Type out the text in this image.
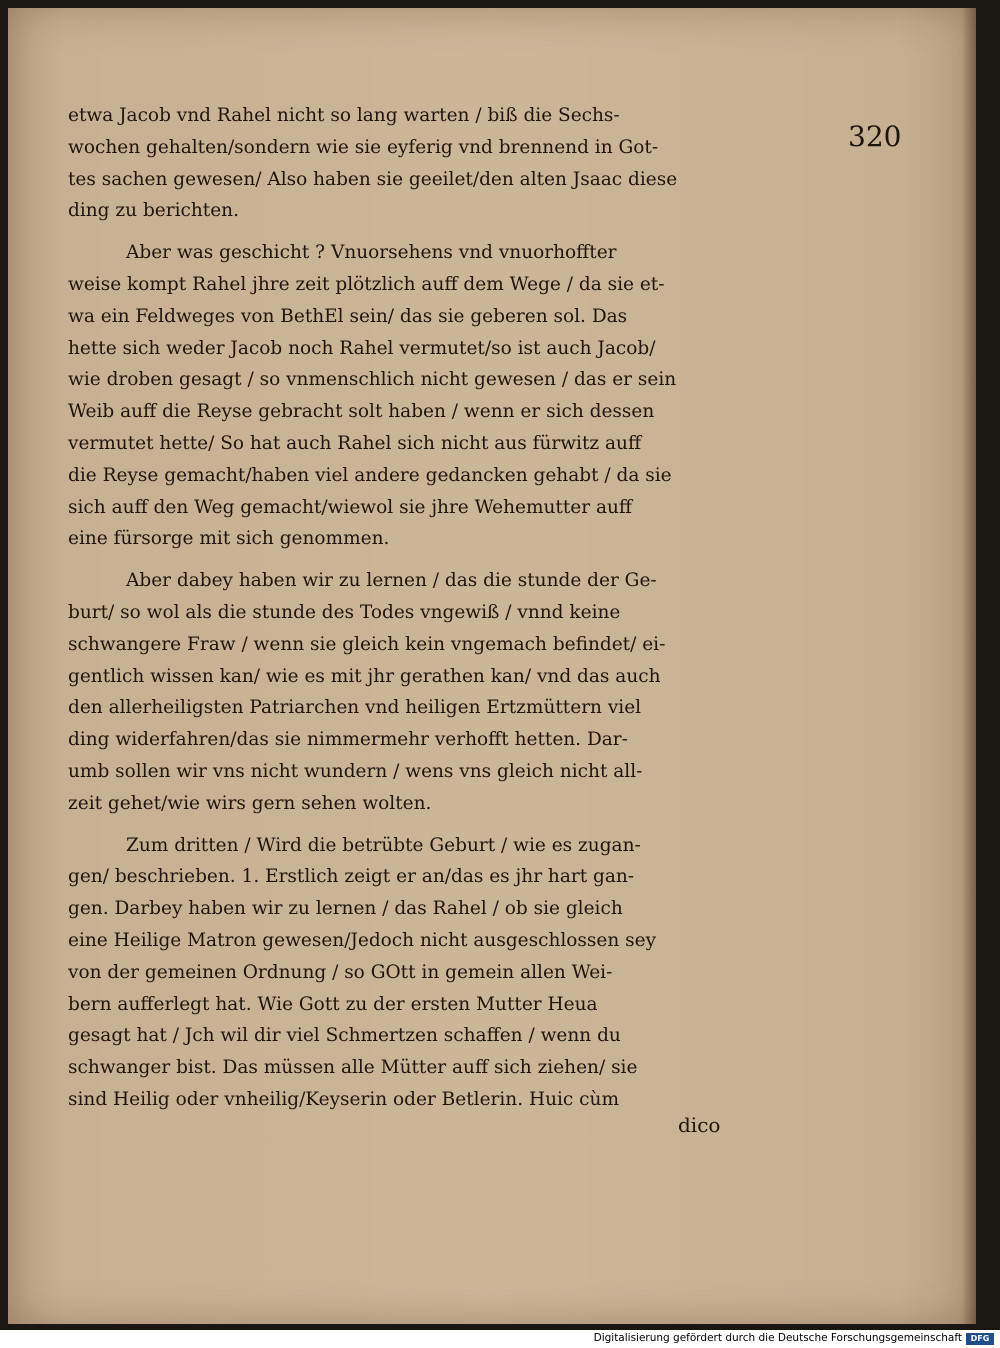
320
etwa Jacob vnd Rahel nicht so lang warten / biß die Sechs-
wochen gehalten/sondern wie sie eyferig vnd brennend in Got-
tes sachen gewesen/ Also haben sie geeilet/den alten Jsaac diese
ding zu berichten.
Aber was geschicht ? Vnuorsehens vnd vnuorhoffter
weise kompt Rahel jhre zeit plötzlich auff dem Wege / da sie et-
wa ein Feldweges von BethEl sein/ das sie geberen sol. Das
hette sich weder Jacob noch Rahel vermutet/so ist auch Jacob/
wie droben gesagt / so vnmenschlich nicht gewesen / das er sein
Weib auff die Reyse gebracht solt haben / wenn er sich dessen
vermutet hette/ So hat auch Rahel sich nicht aus fürwitz auff
die Reyse gemacht/haben viel andere gedancken gehabt / da sie
sich auff den Weg gemacht/wiewol sie jhre Wehemutter auff
eine fürsorge mit sich genommen.
Aber dabey haben wir zu lernen / das die stunde der Ge-
burt/ so wol als die stunde des Todes vngewiß / vnnd keine
schwangere Fraw / wenn sie gleich kein vngemach befindet/ ei-
gentlich wissen kan/ wie es mit jhr gerathen kan/ vnd das auch
den allerheiligsten Patriarchen vnd heiligen Ertzmüttern viel
ding widerfahren/das sie nimmermehr verhofft hetten. Dar-
umb sollen wir vns nicht wundern / wens vns gleich nicht all-
zeit gehet/wie wirs gern sehen wolten.
Zum dritten / Wird die betrübte Geburt / wie es zugan-
gen/ beschrieben. 1. Erstlich zeigt er an/das es jhr hart gan-
gen. Darbey haben wir zu lernen / das Rahel / ob sie gleich
eine Heilige Matron gewesen/Jedoch nicht ausgeschlossen sey
von der gemeinen Ordnung / so GOtt in gemein allen Wei-
bern aufferlegt hat. Wie Gott zu der ersten Mutter Heua
gesagt hat / Jch wil dir viel Schmertzen schaffen / wenn du
schwanger bist. Das müssen alle Mütter auff sich ziehen/ sie
sind Heilig oder vnheilig/Keyserin oder Betlerin. Huic cùm
dico
Digitalisierung gefördert durch die Deutsche Forschungsgemeinschaft	DFG
